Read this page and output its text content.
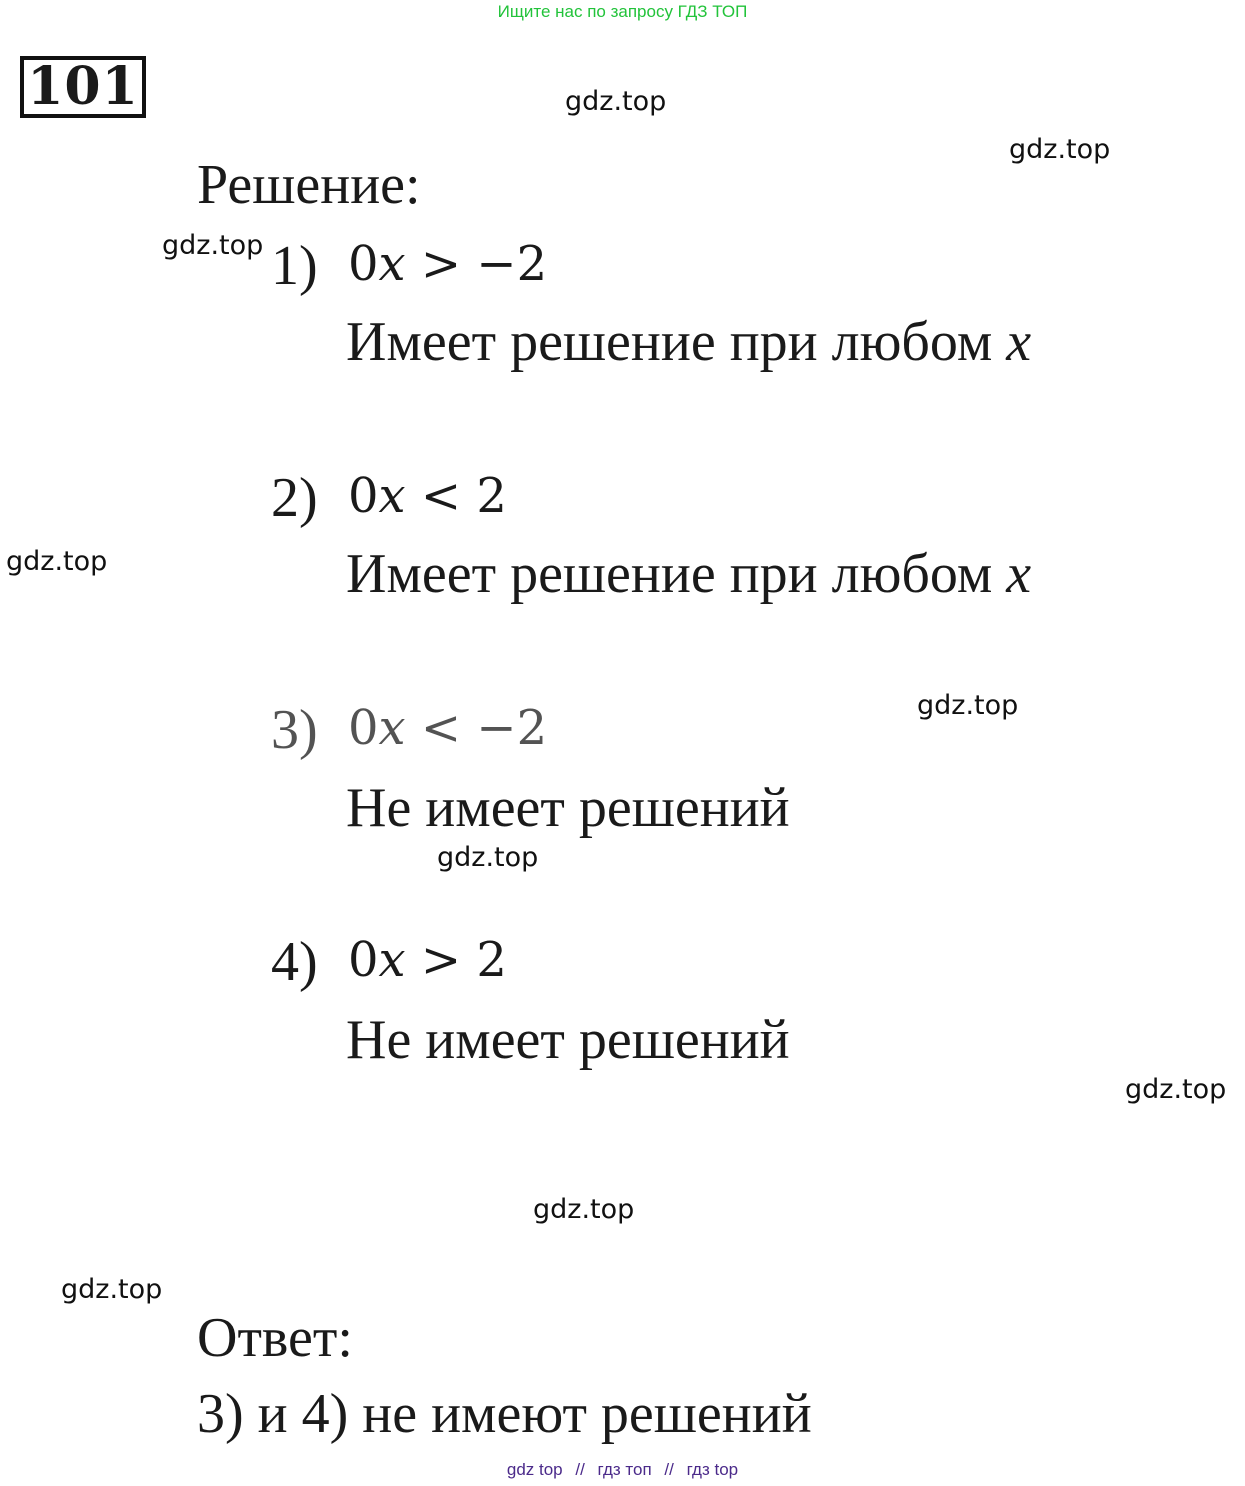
Ищите нас по запросу ГДЗ ТОП
101	gdz.top
gdz.top
gdz.top
gdz.top
gdz.top
gdz.top
gdz.top
gdz.top
gdz.top
Решение:
1) 0x > −2
Имеет решение при любом x
2) 0x < 2
Имеет решение при любом x
3) 0x < −2
Не имеет решений
4) 0x > 2
Не имеет решений
Ответ:
3) и 4) не имеют решений
gdz top // гдз топ // гдз top
